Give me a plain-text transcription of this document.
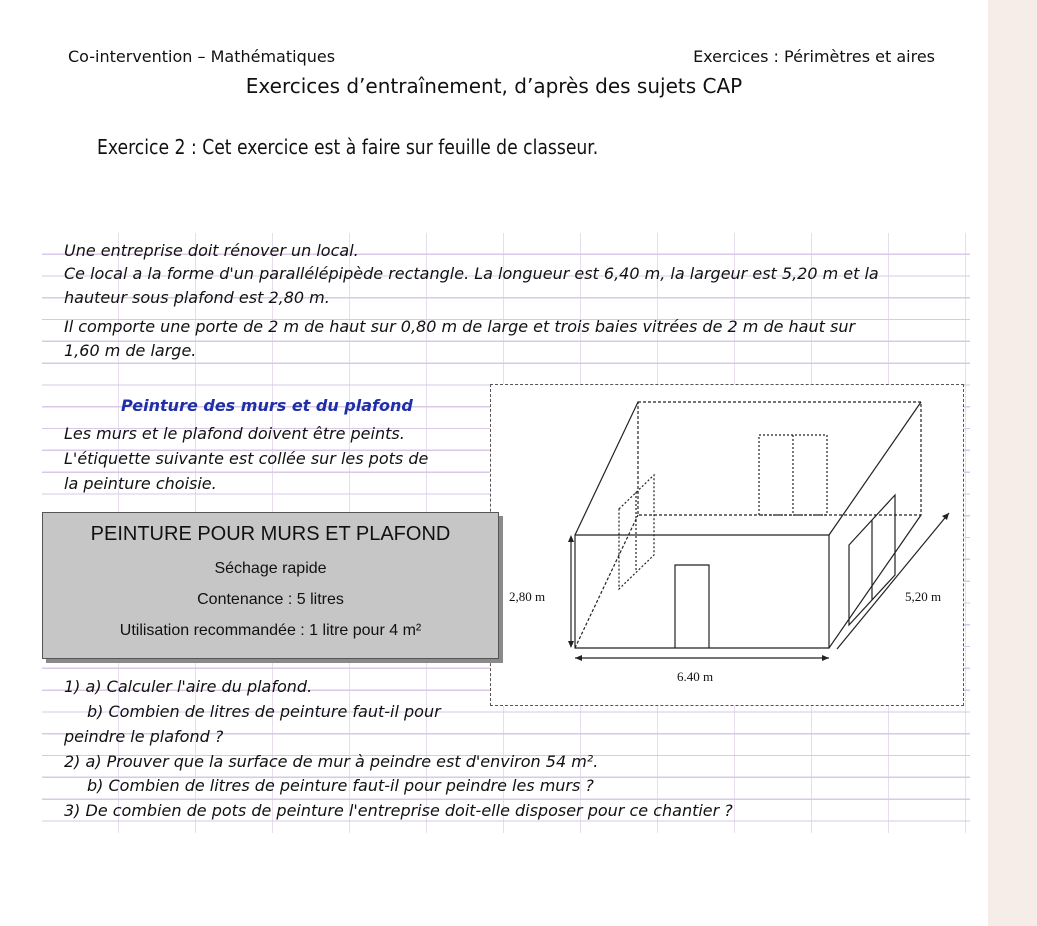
Co-intervention – Mathématiques	Exercices : Périmètres et aires
Exercices d’entraînement, d’après des sujets CAP
Exercice 2 : Cet exercice est à faire sur feuille de classeur.
Une entreprise doit rénover un local.
Ce local a la forme d'un parallélépipède rectangle. La longueur est 6,40 m, la largeur est 5,20 m et la
hauteur sous plafond est 2,80 m.
Il comporte une porte de 2 m de haut sur 0,80 m de large et trois baies vitrées de 2 m de haut sur
1,60 m de large.
Peinture des murs et du plafond
Les murs et le plafond doivent être peints.
L'étiquette suivante est collée sur les pots de
la peinture choisie.
2,80 m	5,20 m
6.40 m
PEINTURE POUR MURS ET PLAFOND
Séchage rapide
Contenance : 5 litres
Utilisation recommandée : 1 litre pour 4 m²
1) a) Calculer l'aire du plafond.
b) Combien de litres de peinture faut-il pour
peindre le plafond ?
2) a) Prouver que la surface de mur à peindre est d'environ 54 m².
b) Combien de litres de peinture faut-il pour peindre les murs ?
3) De combien de pots de peinture l'entreprise doit-elle disposer pour ce chantier ?
